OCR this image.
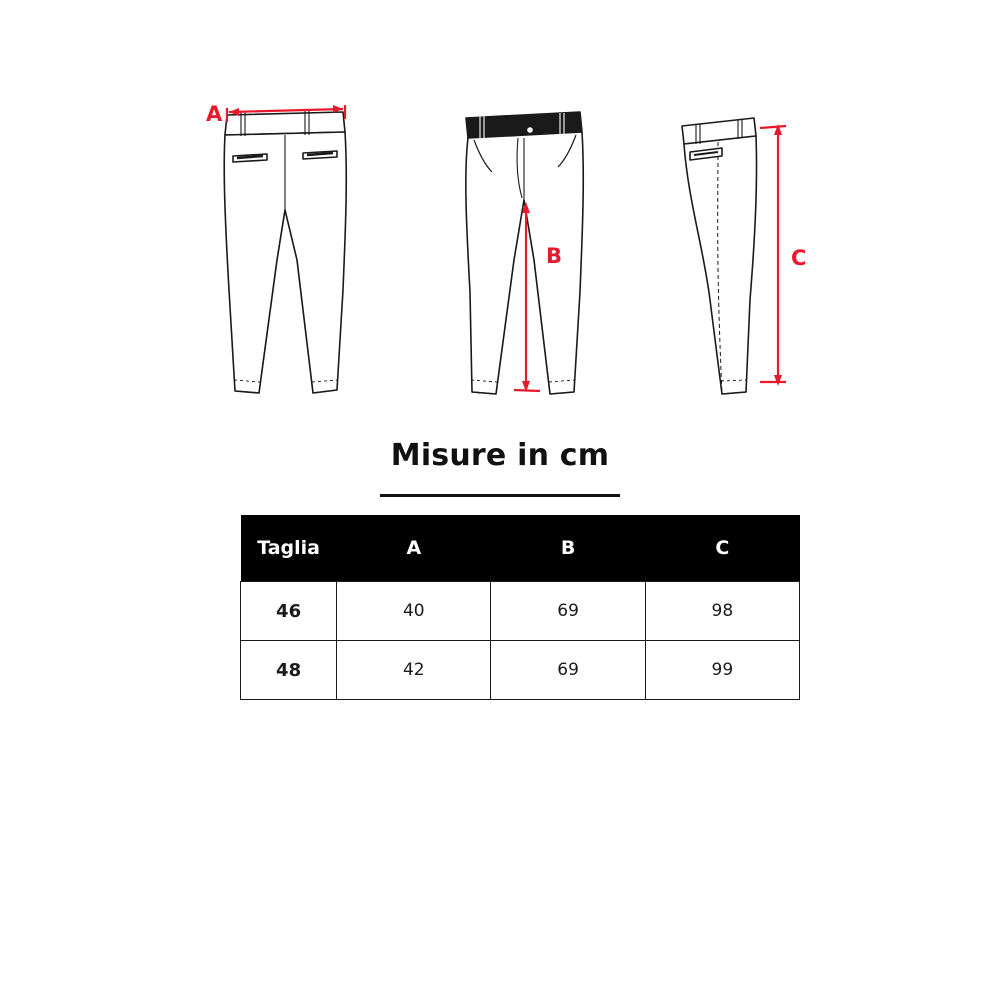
A
B	C
Misure in cm
Taglia	A	B	C
46	40	69	98
48	42	69	99
